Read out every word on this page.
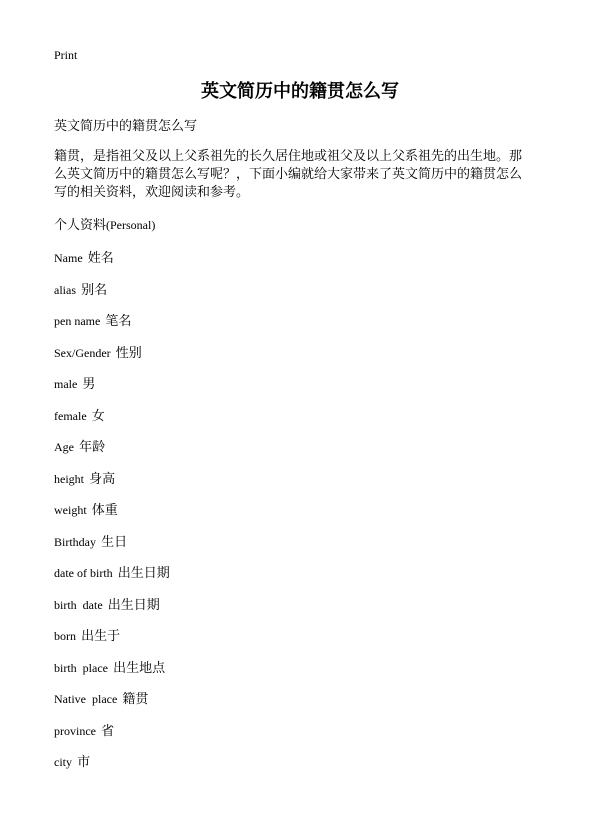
Print
英文简历中的籍贯怎么写
英文简历中的籍贯怎么写
籍贯，是指祖父及以上父系祖先的长久居住地或祖父及以上父系祖先的出生地。那
么英文简历中的籍贯怎么写呢？，下面小编就给大家带来了英文简历中的籍贯怎么
写的相关资料，欢迎阅读和参考。
个人资料(Personal)
Name 姓名
alias 别名
pen name 笔名
Sex/Gender 性别
male 男
female 女
Age 年龄
height 身高
weight 体重
Birthday 生日
date of birth 出生日期
birth  date 出生日期
born 出生于
birth  place 出生地点
Native  place 籍贯
province 省
city 市
